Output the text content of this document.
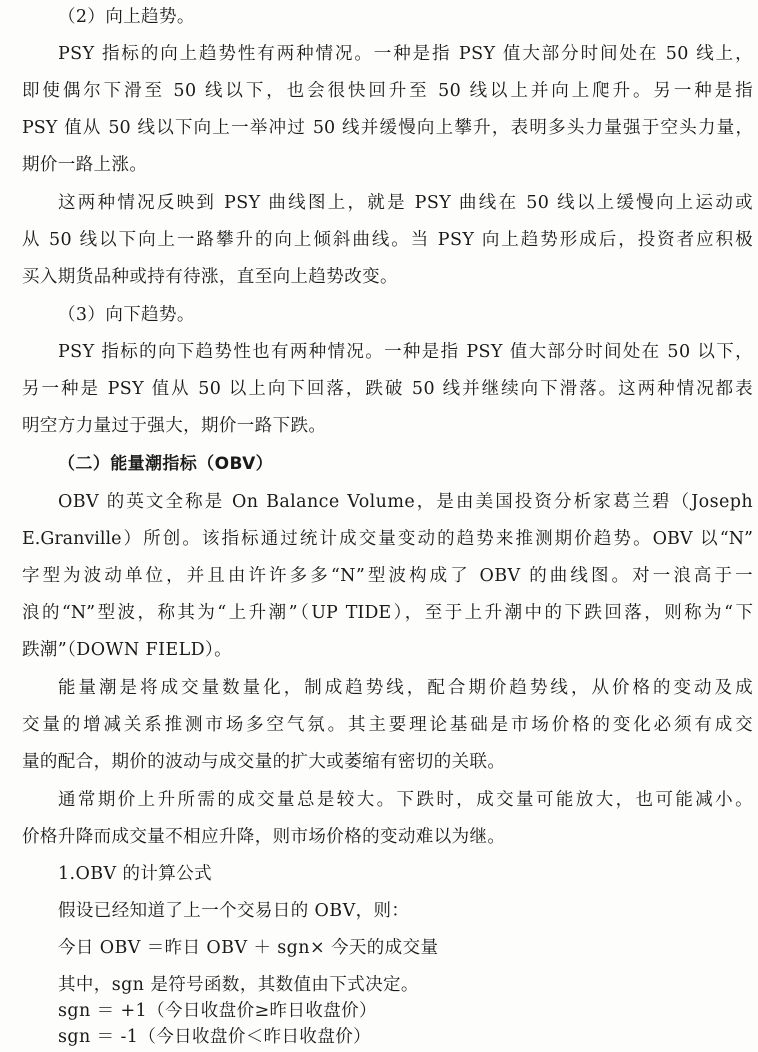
（2）向上趋势。
PSY 指标的向上趋势性有两种情况。一种是指 PSY 值大部分时间处在 50 线上，
即使偶尔下滑至 50 线以下，也会很快回升至 50 线以上并向上爬升。另一种是指
PSY 值从 50 线以下向上一举冲过 50 线并缓慢向上攀升，表明多头力量强于空头力量，
期价一路上涨。
这两种情况反映到 PSY 曲线图上，就是 PSY 曲线在 50 线以上缓慢向上运动或
从 50 线以下向上一路攀升的向上倾斜曲线。当 PSY 向上趋势形成后，投资者应积极
买入期货品种或持有待涨，直至向上趋势改变。
（3）向下趋势。
PSY 指标的向下趋势性也有两种情况。一种是指 PSY 值大部分时间处在 50 以下，
另一种是 PSY 值从 50 以上向下回落，跌破 50 线并继续向下滑落。这两种情况都表
明空方力量过于强大，期价一路下跌。
（二）能量潮指标（OBV）
OBV 的英文全称是 On Balance Volume，是由美国投资分析家葛兰碧（Joseph
E.Granville）所创。该指标通过统计成交量变动的趋势来推测期价趋势。OBV 以“N”
字型为波动单位，并且由许许多多“N”型波构成了 OBV 的曲线图。对一浪高于一
浪的“N”型波，称其为“上升潮”（UP TIDE），至于上升潮中的下跌回落，则称为“下
跌潮”（DOWN FIELD）。
能量潮是将成交量数量化，制成趋势线，配合期价趋势线，从价格的变动及成
交量的增减关系推测市场多空气氛。其主要理论基础是市场价格的变化必须有成交
量的配合，期价的波动与成交量的扩大或萎缩有密切的关联。
通常期价上升所需的成交量总是较大。下跌时，成交量可能放大，也可能减小。
价格升降而成交量不相应升降，则市场价格的变动难以为继。
1.OBV 的计算公式
假设已经知道了上一个交易日的 OBV，则：
今日 OBV ＝昨日 OBV ＋ sgn× 今天的成交量
其中，sgn 是符号函数，其数值由下式决定。
sgn ＝ +1（今日收盘价≥昨日收盘价）
sgn ＝ -1（今日收盘价＜昨日收盘价）
